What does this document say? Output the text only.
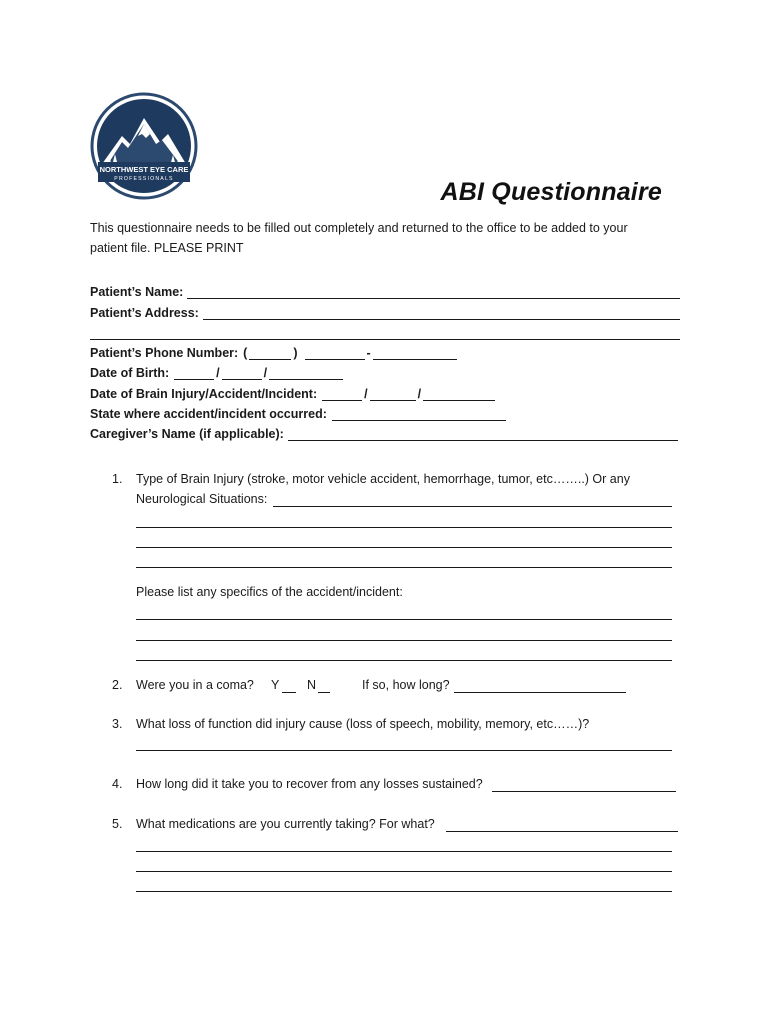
NORTHWEST EYE CARE
PROFESSIONALS	ABI Questionnaire

This questionnaire needs to be filled out completely and returned to the office to be added to your

patient file. PLEASE PRINT

Patient’s Name:
Patient’s Address:
Patient’s Phone Number: (	)	-
Date of Birth:	/	/
Date of Brain Injury/Accident/Incident:	/	/
State where accident/incident occurred:
Caregiver’s Name (if applicable):
1. Type of Brain Injury (stroke, motor vehicle accident, hemorrhage, tumor, etc……..) Or any
Neurological Situations:
Please list any specifics of the accident/incident:
2. Were you in a coma? Y N	If so, how long?
3. What loss of function did injury cause (loss of speech, mobility, memory, etc……)?
4. How long did it take you to recover from any losses sustained?
5. What medications are you currently taking? For what?
